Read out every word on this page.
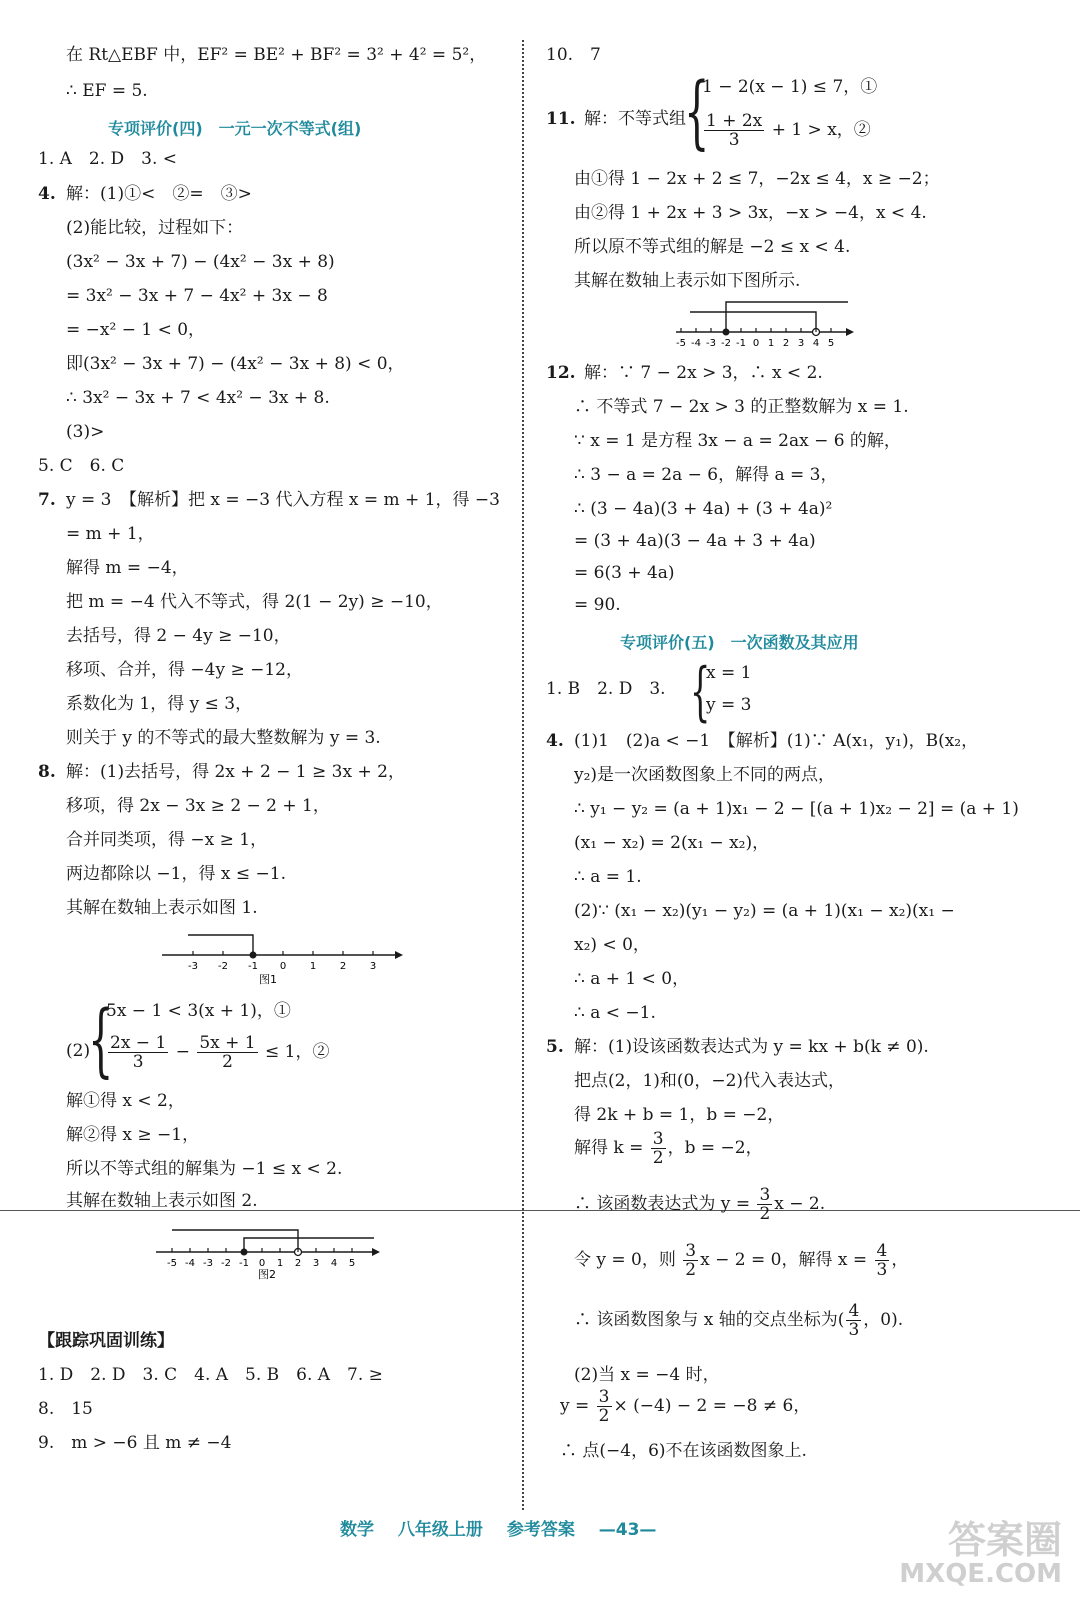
在 Rt△EBF 中，EF² = BE² + BF² = 3² + 4² = 5²，
∴ EF = 5.
专项评价(四)　一元一次不等式(组)
1. A　2. D　3. <
4. 解：(1)①<　②=　③>
(2)能比较，过程如下：
(3x² − 3x + 7) − (4x² − 3x + 8)
= 3x² − 3x + 7 − 4x² + 3x − 8
= −x² − 1 < 0，
即(3x² − 3x + 7) − (4x² − 3x + 8) < 0，
∴ 3x² − 3x + 7 < 4x² − 3x + 8.
(3)>
5. C　6. C
7. y = 3　【解析】把 x = −3 代入方程 x = m + 1，得 −3
= m + 1，
解得 m = −4，
把 m = −4 代入不等式，得 2(1 − 2y) ≥ −10，
去括号，得 2 − 4y ≥ −10，
移项、合并，得 −4y ≥ −12，
系数化为 1，得 y ≤ 3，
则关于 y 的不等式的最大整数解为 y = 3.
8. 解：(1)去括号，得 2x + 2 − 1 ≥ 3x + 2，
移项，得 2x − 3x ≥ 2 − 2 + 1，
合并同类项，得 −x ≥ 1，
两边都除以 −1，得 x ≤ −1.
其解在数轴上表示如图 1.
-3 -2 -1 0 1 2 3
图1
(2)
{
5x − 1 < 3(x + 1)，①
$\frac{2x - 1}{3} - \frac{5x + 1}{2} \le 1$，②
解①得 x < 2，
解②得 x ≥ −1，
所以不等式组的解集为 −1 ≤ x < 2.
其解在数轴上表示如图 2.
-5 -4 -3 -2 -1 0 1 2 3 4 5
图2
【跟踪巩固训练】
1. D　2. D　3. C　4. A　5. B　6. A　7. ≥
8.　15
9.　m > −6 且 m ≠ −4
10.　7
11. 解：不等式组
{
1 − 2(x − 1) ≤ 7，①
$\frac{1 + 2x}{3} + 1 > x$，②
由①得 1 − 2x + 2 ≤ 7，−2x ≤ 4，x ≥ −2；
由②得 1 + 2x + 3 > 3x，−x > −4，x < 4.
所以原不等式组的解是 −2 ≤ x < 4.
其解在数轴上表示如下图所示.
-5 -4 -3 -2 -1 0 1 2 3 4 5
12. 解：∵ 7 − 2x > 3，∴ x < 2.
∴ 不等式 7 − 2x > 3 的正整数解为 x = 1.
∵ x = 1 是方程 3x − a = 2ax − 6 的解，
∴ 3 − a = 2a − 6，解得 a = 3，
∴ (3 − 4a)(3 + 4a) + (3 + 4a)²
= (3 + 4a)(3 − 4a + 3 + 4a)
= 6(3 + 4a)
= 90.
专项评价(五)　一次函数及其应用
1. B　2. D　3. {
x = 1
y = 3
4. (1)1　(2)a < −1　【解析】(1)∵ A(x₁，y₁)，B(x₂，
y₂)是一次函数图象上不同的两点，
∴ y₁ − y₂ = (a + 1)x₁ − 2 − [(a + 1)x₂ − 2] = (a + 1)
(x₁ − x₂) = 2(x₁ − x₂)，
∴ a = 1.
(2)∵ (x₁ − x₂)(y₁ − y₂) = (a + 1)(x₁ − x₂)(x₁ −
x₂) < 0，
∴ a + 1 < 0，
∴ a < −1.
5. 解：(1)设该函数表达式为 y = kx + b(k ≠ 0).
把点(2，1)和(0，−2)代入表达式，
得 2k + b = 1，b = −2，
解得 $k = \frac{3}{2}$ ，b = −2，
∴ 该函数表达式为 $y = \frac{3}{2}$ x − 2.
令 y = 0，则 $\frac{3}{2}$ x − 2 = 0，解得 $x = \frac{4}{3}$ ，
∴ 该函数图象与 x 轴的交点坐标为( $\frac{4}{3}$ ，0).
(2)当 x = −4 时，
$y = \frac{3}{2} \times (-4) - 2 = -8 \ne 6$，
∴ 点(−4，6)不在该函数图象上.
数学 八年级上册 参考答案 —43—	答案圈
MXQE.COM
